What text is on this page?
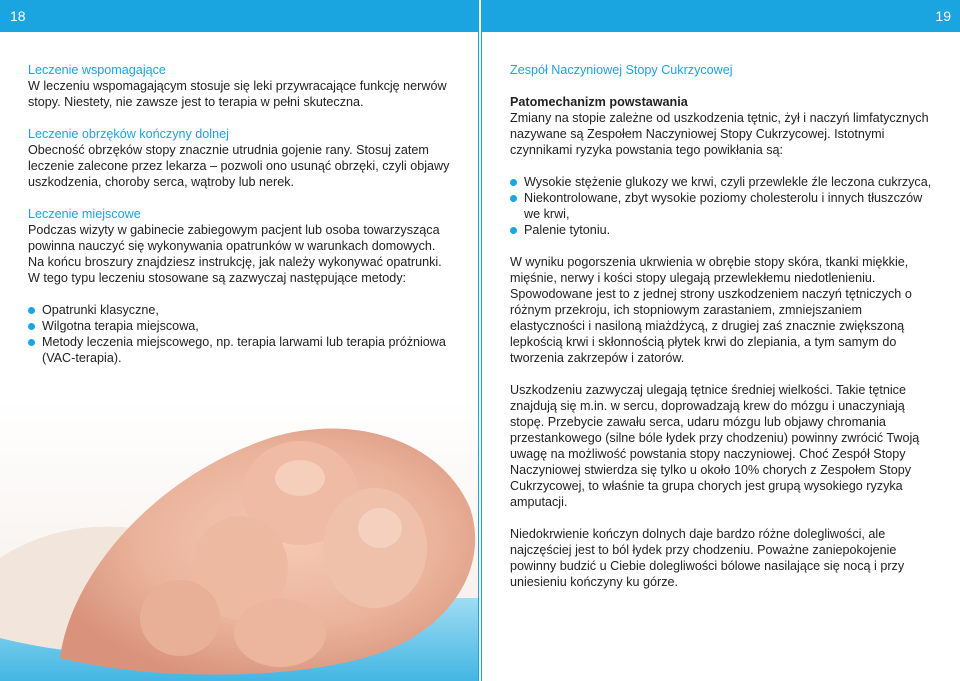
18

Leczenie wspomagające

W leczeniu wspomagającym stosuje się leki przywracające funkcję nerwów stopy. Niestety, nie zawsze jest to terapia w pełni skuteczna.

Leczenie obrzęków kończyny dolnej

Obecność obrzęków stopy znacznie utrudnia gojenie rany. Stosuj zatem leczenie zalecone przez lekarza – pozwoli ono usunąć obrzęki, czyli objawy uszkodzenia, choroby serca, wątroby lub nerek.

Leczenie miejscowe

Podczas wizyty w gabinecie zabiegowym pacjent lub osoba towarzysząca powinna nauczyć się wykonywania opatrunków w warunkach domowych. Na końcu broszury znajdziesz instrukcję, jak należy wykonywać opatrunki. W tego typu leczeniu stosowane są zazwyczaj następujące metody:

Opatrunki klasyczne,
Wilgotna terapia miejscowa,
Metody leczenia miejscowego, np. terapia larwami lub terapia próżniowa (VAC-terapia).
19

Zespół Naczyniowej Stopy Cukrzycowej

Patomechanizm powstawania

Zmiany na stopie zależne od uszkodzenia tętnic, żył i naczyń limfatycznych nazywane są Zespołem Naczyniowej Stopy Cukrzycowej. Istotnymi czynnikami ryzyka powstania tego powikłania są:

Wysokie stężenie glukozy we krwi, czyli przewlekle źle leczona cukrzyca,
Niekontrolowane, zbyt wysokie poziomy cholesterolu i innych tłuszczów we krwi,
Palenie tytoniu.

W wyniku pogorszenia ukrwienia w obrębie stopy skóra, tkanki miękkie, mięśnie, nerwy i kości stopy ulegają przewlekłemu niedotlenieniu. Spowodowane jest to z jednej strony uszkodzeniem naczyń tętniczych o różnym przekroju, ich stopniowym zarastaniem, zmniejszaniem elastyczności i nasiloną miażdżycą, z drugiej zaś znacznie zwiększoną lepkością krwi i skłonnością płytek krwi do zlepiania, a tym samym do tworzenia zakrzepów i zatorów.

Uszkodzeniu zazwyczaj ulegają tętnice średniej wielkości. Takie tętnice znajdują się m.in. w sercu, doprowadzają krew do mózgu i unaczyniają stopę. Przebycie zawału serca, udaru mózgu lub objawy chromania przestankowego (silne bóle łydek przy chodzeniu) powinny zwrócić Twoją uwagę na możliwość powstania stopy naczyniowej. Choć Zespół Stopy Naczyniowej stwierdza się tylko u około 10% chorych z Zespołem Stopy Cukrzycowej, to właśnie ta grupa chorych jest grupą wysokiego ryzyka amputacji.

Niedokrwienie kończyn dolnych daje bardzo różne dolegliwości, ale najczęściej jest to ból łydek przy chodzeniu. Poważne zaniepokojenie powinny budzić u Ciebie dolegliwości bólowe nasilające się nocą i przy uniesieniu kończyny ku górze.
